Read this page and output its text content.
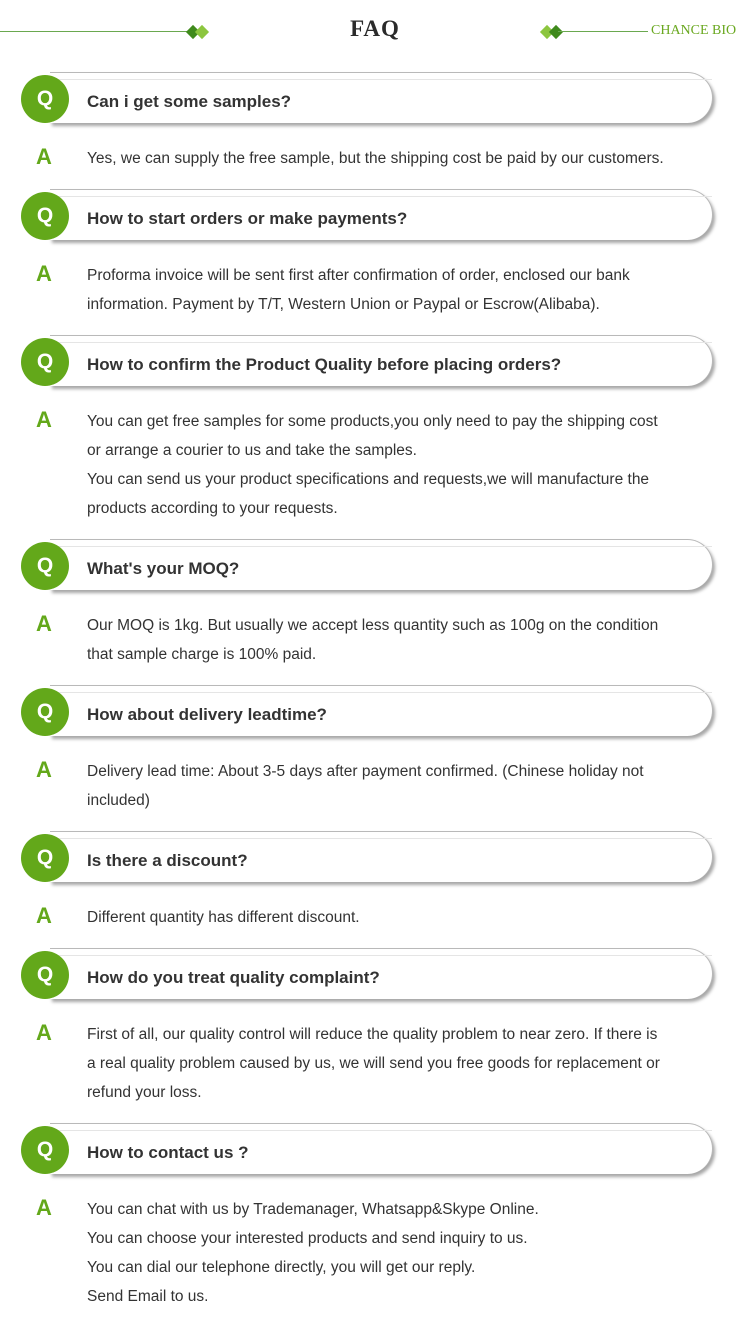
FAQ	CHANCE BIO
Q	Can i get some samples?
A Yes, we can supply the free sample, but the shipping cost be paid by our customers.

Q	How to start orders or make payments?
A Proforma invoice will be sent first after confirmation of order, enclosed our bank

information. Payment by T/T, Western Union or Paypal or Escrow(Alibaba).

Q	How to confirm the Product Quality before placing orders?
A You can get free samples for some products,you only need to pay the shipping cost

or arrange a courier to us and take the samples.

You can send us your product specifications and requests,we will manufacture the

products according to your requests.

Q	What's your MOQ?
A Our MOQ is 1kg. But usually we accept less quantity such as 100g on the condition

that sample charge is 100% paid.

Q	How about delivery leadtime?
A Delivery lead time: About 3-5 days after payment confirmed. (Chinese holiday not

included)

Q	Is there a discount?
A Different quantity has different discount.

Q	How do you treat quality complaint?
A First of all, our quality control will reduce the quality problem to near zero. If there is

a real quality problem caused by us, we will send you free goods for replacement or

refund your loss.

Q	How to contact us ?
A You can chat with us by Trademanager, Whatsapp&Skype Online.

You can choose your interested products and send inquiry to us.

You can dial our telephone directly, you will get our reply.

Send Email to us.
